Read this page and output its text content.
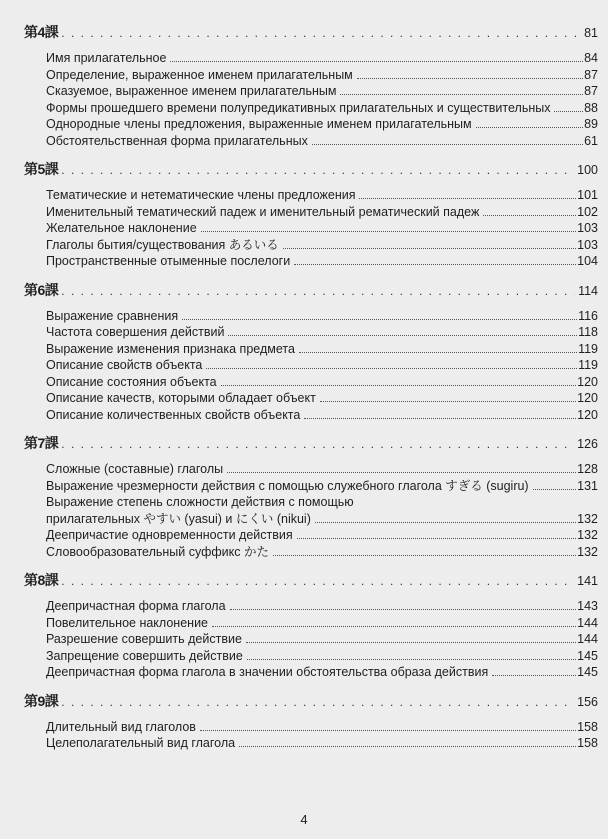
第4課 . . .	81
Имя прилагательное	84
Определение, выраженное именем прилагательным	87
Сказуемое, выраженное именем прилагательным	87
Формы прошедшего времени полупредикативных прилагательных и существительных	88
Однородные члены предложения, выраженные именем прилагательным	89
Обстоятельственная форма прилагательных	61
第5課 . . .	100
Тематические и нетематические члены предложения	101
Именительный тематический падеж и именительный рематический падеж	102
Желательное наклонение	103
Глаголы бытия/существования あるいる	103
Пространственные отыменные послелоги	104
第6課 . . .	114
Выражение сравнения	116
Частота совершения действий	118
Выражение изменения признака предмета	119
Описание свойств объекта	119
Описание состояния объекта	120
Описание качеств, которыми обладает объект	120
Описание количественных свойств объекта	120
第7課 . . .	126
Сложные (составные) глаголы	128
Выражение чрезмерности действия с помощью служебного глагола すぎる (sugiru)	131
Выражение степень сложности действия с помощью
прилагательных やすい (yasui) и にくい (nikui)	132
Деепричастие одновременности действия	132
Словообразовательный суффикс かた	132
第8課 . . .	141
Деепричастная форма глагола	143
Повелительное наклонение	144
Разрешение совершить действие	144
Запрещение совершить действие	145
Деепричастная форма глагола в значении обстоятельства образа действия	145
第9課 . . .	156
Длительный вид глаголов	158
Целеполагательный вид глагола	158
4
